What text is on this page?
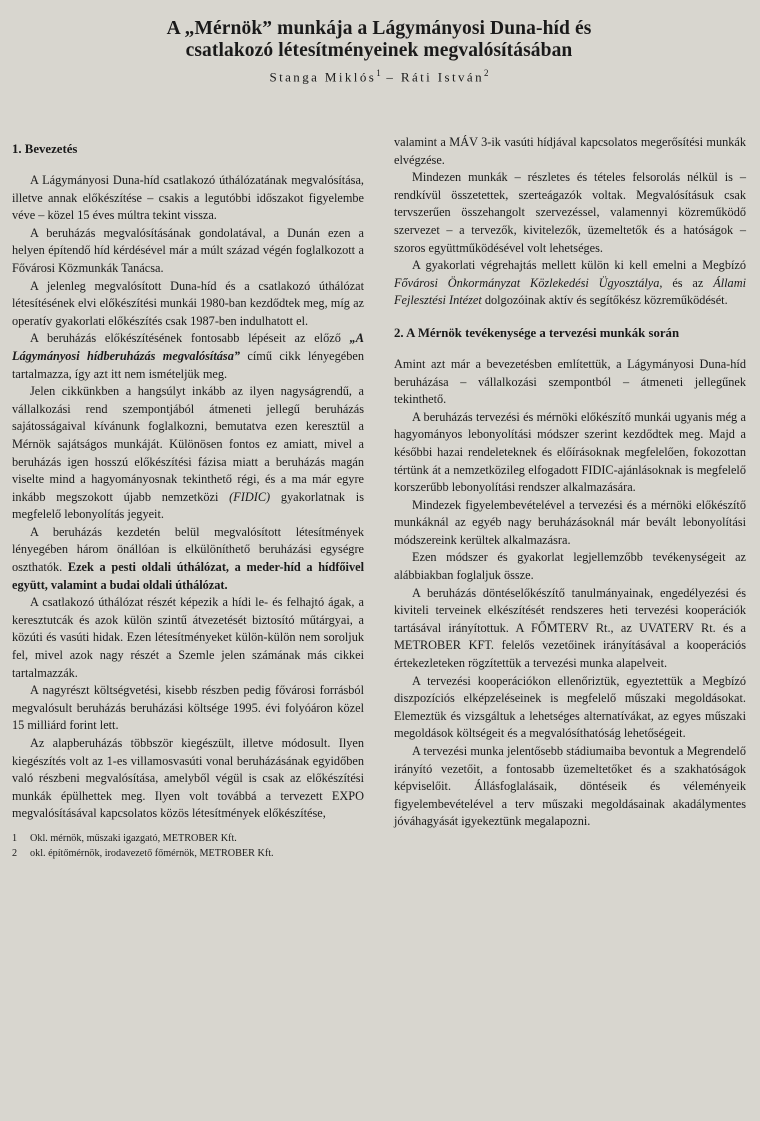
A „Mérnök” munkája a Lágymányosi Duna-híd és
csatlakozó létesítményeinek megvalósításában
Stanga Miklós$^1$ – Ráti István$^2$
1. Bevezetés

A Lágymányosi Duna-híd csatlakozó úthálózatának megvalósítása, illetve annak előkészítése – csakis a legutóbbi időszakot figyelembe véve – közel 15 éves múltra tekint vissza.

A beruházás megvalósításának gondolatával, a Dunán ezen a helyen építendő híd kérdésével már a múlt század végén foglalkozott a Fővárosi Közmunkák Tanácsa.

A jelenleg megvalósított Duna-híd és a csatlakozó úthálózat létesítésének elvi előkészítési munkái 1980-ban kezdődtek meg, míg az operatív gyakorlati előkészítés csak 1987-ben indulhatott el.

A beruházás előkészítésének fontosabb lépéseit az előző „A Lágymányosi hídberuházás megvalósítása” című cikk lényegében tartalmazza, így azt itt nem ismételjük meg.

Jelen cikkünkben a hangsúlyt inkább az ilyen nagyságrendű, a vállalkozási rend szempontjából átmeneti jellegű beruházás sajátosságaival kívánunk foglalkozni, bemutatva ezen keresztül a Mérnök sajátságos munkáját. Különösen fontos ez amiatt, mivel a beruházás igen hosszú előkészítési fázisa miatt a beruházás magán viselte mind a hagyományosnak tekinthető régi, és a ma már egyre inkább megszokott újabb nemzetközi (FIDIC) gyakorlatnak is megfelelő lebonyolítás jegyeit.

A beruházás kezdetén belül megvalósított létesítmények lényegében három önállóan is elkülöníthető beruházási egységre oszthatók. Ezek a pesti oldali úthálózat, a meder-híd a hídfőivel együtt, valamint a budai oldali úthálózat.

A csatlakozó úthálózat részét képezik a hídi le- és felhajtó ágak, a keresztutcák és azok külön szintű átvezetését biztosító műtárgyai, a közúti és vasúti hidak. Ezen létesítményeket külön-külön nem soroljuk fel, mivel azok nagy részét a Szemle jelen számának más cikkei tartalmazzák.

A nagyrészt költségvetési, kisebb részben pedig fővárosi forrásból megvalósult beruházás beruházási költsége 1995. évi folyóáron közel 15 milliárd forint lett.

Az alapberuházás többször kiegészült, illetve módosult. Ilyen kiegészítés volt az 1-es villamosvasúti vonal beruházásának egyidőben való részbeni megvalósítása, amelyből végül is csak az előkészítési munkák épülhettek meg. Ilyen volt továbbá a tervezett EXPO megvalósításával kapcsolatos közös létesítmények előkészítése,

1	Okl. mérnök, műszaki igazgató, METROBER Kft.
2	okl. építőmérnök, irodavezető főmérnök, METROBER Kft.

valamint a MÁV 3-ik vasúti hídjával kapcsolatos megerősítési munkák elvégzése.

Mindezen munkák – részletes és tételes felsorolás nélkül is – rendkívül összetettek, szerteágazók voltak. Megvalósításuk csak tervszerűen összehangolt szervezéssel, valamennyi közreműködő szervezet – a tervezők, kivitelezők, üzemeltetők és a hatóságok – szoros együttműködésével volt lehetséges.

A gyakorlati végrehajtás mellett külön ki kell emelni a Megbízó Fővárosi Önkormányzat Közlekedési Ügyosztálya, és az Állami Fejlesztési Intézet dolgozóinak aktív és segítőkész közreműködését.

2. A Mérnök tevékenysége a tervezési munkák során

Amint azt már a bevezetésben említettük, a Lágymányosi Duna-híd beruházása – vállalkozási szempontból – átmeneti jellegűnek tekinthető.

A beruházás tervezési és mérnöki előkészítő munkái ugyanis még a hagyományos lebonyolítási módszer szerint kezdődtek meg. Majd a későbbi hazai rendeleteknek és előírásoknak megfelelően, fokozottan tértünk át a nemzetközileg elfogadott FIDIC-ajánlásoknak is megfelelő korszerűbb lebonyolítási rendszer alkalmazására.

Mindezek figyelembevételével a tervezési és a mérnöki előkészítő munkáknál az egyéb nagy beruházásoknál már bevált lebonyolítási módszereink kerültek alkalmazásra.

Ezen módszer és gyakorlat legjellemzőbb tevékenységeit az alábbiakban foglaljuk össze.

A beruházás döntéselőkészítő tanulmányainak, engedélyezési és kiviteli terveinek elkészítését rendszeres heti tervezési kooperációk tartásával irányítottuk. A FŐMTERV Rt., az UVATERV Rt. és a METROBER KFT. felelős vezetőinek irányításával a kooperációs értekezleteken rögzítettük a tervezési munka alapelveit.

A tervezési kooperációkon ellenőriztük, egyeztettük a Megbízó diszpozíciós elképzeléseinek is megfelelő műszaki megoldásokat. Elemeztük és vizsgáltuk a lehetséges alternatívákat, az egyes műszaki megoldások költségeit és a megvalósíthatóság lehetőségeit.

A tervezési munka jelentősebb stádiumaiba bevontuk a Megrendelő irányító vezetőit, a fontosabb üzemeltetőket és a szakhatóságok képviselőit. Állásfoglalásaik, döntéseik és véleményeik figyelembevételével a terv műszaki megoldásainak akadálymentes jóváhagyását igyekeztünk megalapozni.
